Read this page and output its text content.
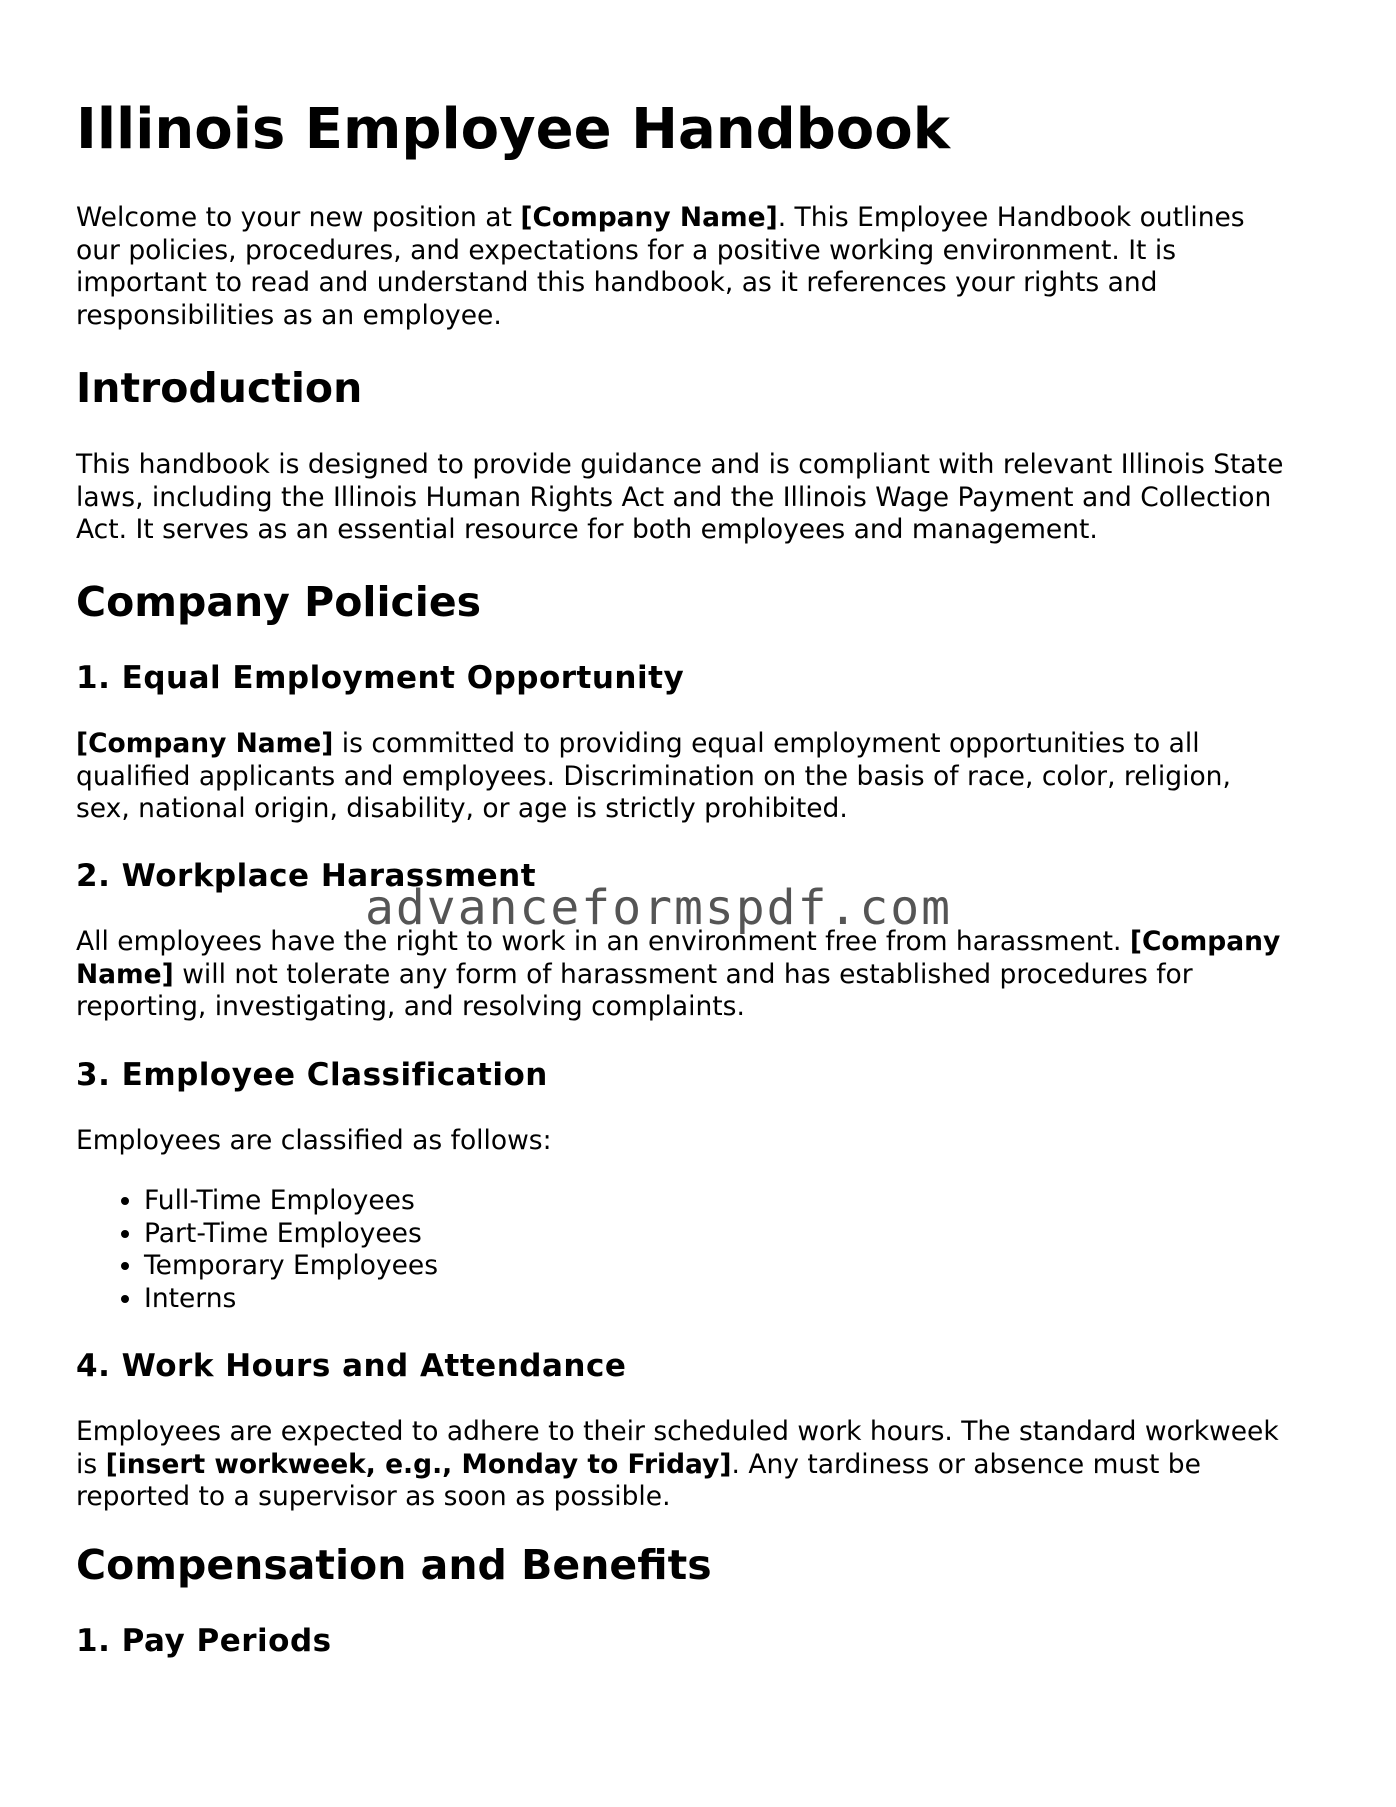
Illinois Employee Handbook

Welcome to your new position at [Company Name]. This Employee Handbook outlines
our policies, procedures, and expectations for a positive working environment. It is
important to read and understand this handbook, as it references your rights and
responsibilities as an employee.

Introduction

This handbook is designed to provide guidance and is compliant with relevant Illinois State
laws, including the Illinois Human Rights Act and the Illinois Wage Payment and Collection
Act. It serves as an essential resource for both employees and management.

Company Policies
1. Equal Employment Opportunity

[Company Name] is committed to providing equal employment opportunities to all
qualified applicants and employees. Discrimination on the basis of race, color, religion,
sex, national origin, disability, or age is strictly prohibited.

2. Workplace Harassment

All employees have the right to work in an environment free from harassment. [Company
Name] will not tolerate any form of harassment and has established procedures for
reporting, investigating, and resolving complaints.

3. Employee Classification

Employees are classified as follows:

• Full-Time Employees
• Part-Time Employees
• Temporary Employees
• Interns
4. Work Hours and Attendance

Employees are expected to adhere to their scheduled work hours. The standard workweek
is [insert workweek, e.g., Monday to Friday]. Any tardiness or absence must be
reported to a supervisor as soon as possible.

Compensation and Benefits
1. Pay Periods
advanceformspdf.com
